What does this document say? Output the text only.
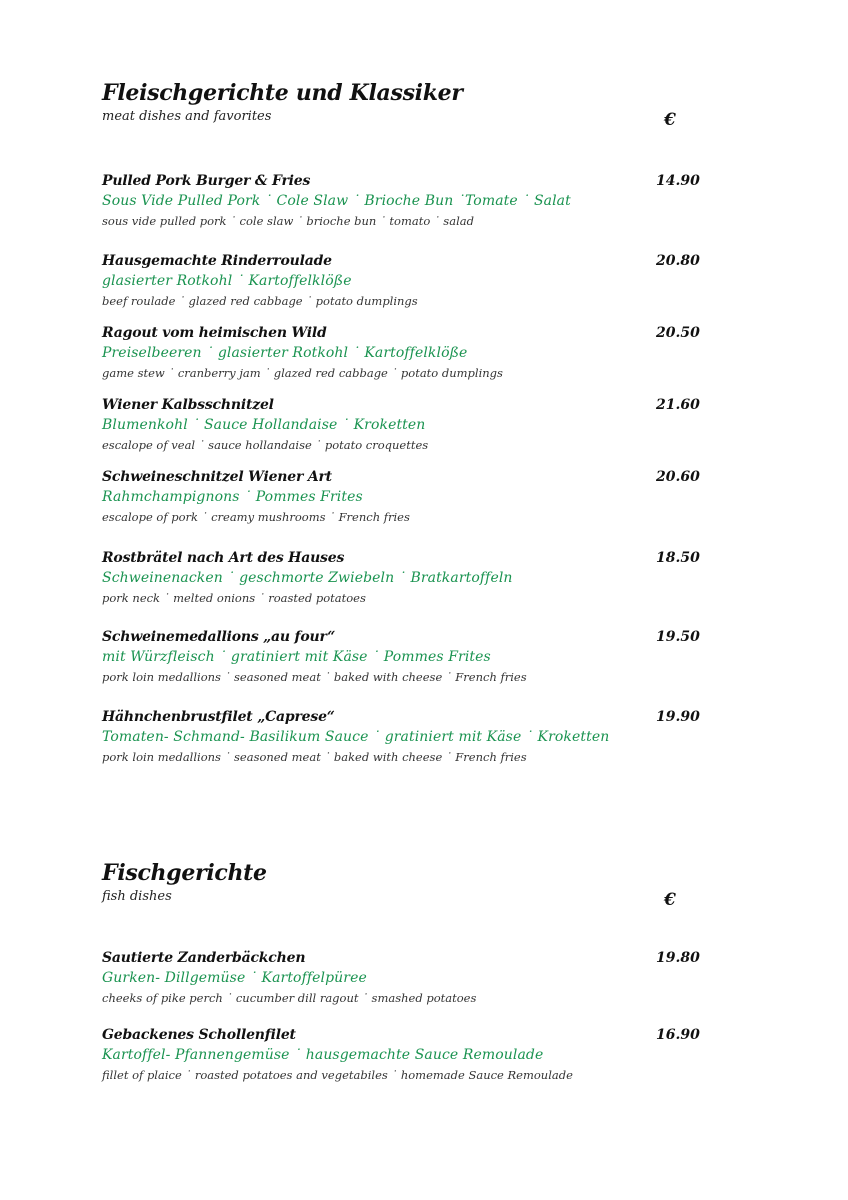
Fleischgerichte und Klassiker
meat dishes and favorites	€
Pulled Pork Burger & Fries	14.90
Sous Vide Pulled Pork ˙ Cole Slaw ˙ Brioche Bun ˙Tomate ˙ Salat
sous vide pulled pork ˙ cole slaw ˙ brioche bun ˙ tomato ˙ salad
Hausgemachte Rinderroulade	20.80
glasierter Rotkohl ˙ Kartoffelklöße
beef roulade ˙ glazed red cabbage ˙ potato dumplings
Ragout vom heimischen Wild	20.50
Preiselbeeren ˙ glasierter Rotkohl ˙ Kartoffelklöße
game stew ˙ cranberry jam ˙ glazed red cabbage ˙ potato dumplings
Wiener Kalbsschnitzel	21.60
Blumenkohl ˙ Sauce Hollandaise ˙ Kroketten
escalope of veal ˙ sauce hollandaise ˙ potato croquettes
Schweineschnitzel Wiener Art	20.60
Rahmchampignons ˙ Pommes Frites
escalope of pork ˙ creamy mushrooms ˙ French fries
Rostbrätel nach Art des Hauses	18.50
Schweinenacken ˙ geschmorte Zwiebeln ˙ Bratkartoffeln
pork neck ˙ melted onions ˙ roasted potatoes
Schweinemedallions „au four“	19.50
mit Würzfleisch ˙ gratiniert mit Käse ˙ Pommes Frites
pork loin medallions ˙ seasoned meat ˙ baked with cheese ˙ French fries
Hähnchenbrustfilet „Caprese“	19.90
Tomaten- Schmand- Basilikum Sauce ˙ gratiniert mit Käse ˙ Kroketten
pork loin medallions ˙ seasoned meat ˙ baked with cheese ˙ French fries
Fischgerichte
fish dishes	€
Sautierte Zanderbäckchen	19.80
Gurken- Dillgemüse ˙ Kartoffelpüree
cheeks of pike perch ˙ cucumber dill ragout ˙ smashed potatoes
Gebackenes Schollenfilet	16.90
Kartoffel- Pfannengemüse ˙ hausgemachte Sauce Remoulade
fillet of plaice ˙ roasted potatoes and vegetabiles ˙ homemade Sauce Remoulade
